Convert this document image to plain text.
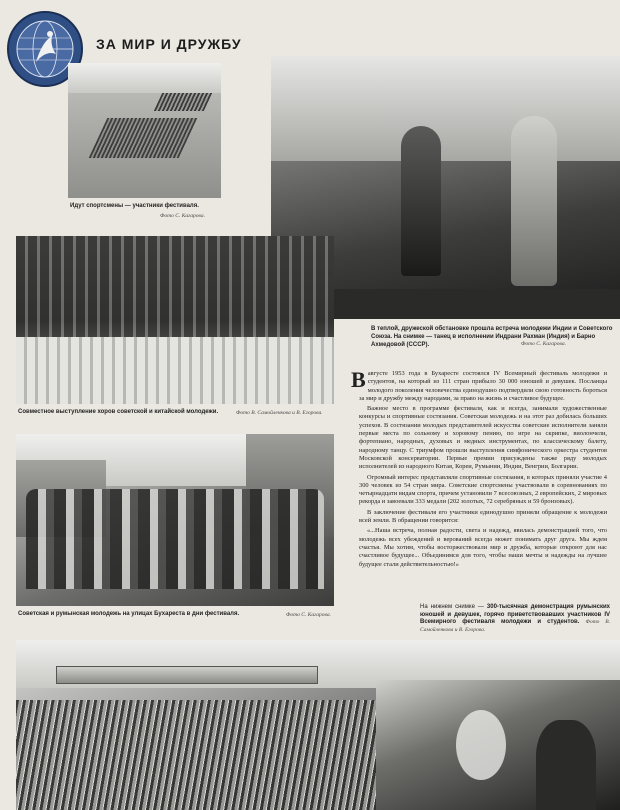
ЗА МИР И ДРУЖБУ
Идут спортсмены — участники фестиваля.
Фото С. Кагарова.
В теплой, дружеской обстановке прошла встреча молодежи Индии и Советского Союза. На снимке — танец в исполнении Индрани Рахман (Индия) и Барно Ахмедовой (СССР).	Фото С. Кагарова.
Совместное выступление хоров советской и китайской молодежи.	Фото В. Самойленкова и В. Егорова.
Советская и румынская молодежь на улицах Бухареста в дни фестиваля.	Фото С. Кагарова.

Вавгусте 1953 года в Бухаресте состоялся IV Всемирный фестиваль молодежи и студентов, на который из 111 стран прибыло 30 000 юношей и девушек. Посланцы молодого поколения человечества единодушно подтвердили свою готовность бороться за мир и дружбу между народами, за право на жизнь и счастливое будущее.

Важное место в программе фестиваля, как и всегда, занимали художественные конкурсы и спортивные состязания. Советская молодежь и на этот раз добилась больших успехов. В состязании молодых представителей искусства советские исполнители заняли первые места по сольному и хоровому пению, по игре на скрипке, виолончели, фортепиано, народных, духовых и медных инструментах, по классическому балету, народному танцу. С триумфом прошли выступления симфонического оркестра студентов Московской консерватории. Первые премии присуждены также ряду молодых исполнителей из народного Китая, Кореи, Румынии, Индии, Венгрии, Болгарии.

Огромный интерес представляли спортивные состязания, в которых приняли участие 4 300 человек из 54 стран мира. Советские спортсмены участвовали в соревнованиях по четырнадцати видам спорта, причем установили 7 всесоюзных, 2 европейских, 2 мировых рекорда и завоевали 333 медали (202 золотых, 72 серебряных и 59 бронзовых).

В заключение фестиваля его участники единодушно приняли обращение к молодежи всей земли. В обращении говорится:

«...Наша встреча, полная радости, света и надежд, явилась демонстрацией того, что молодежь всех убеждений и верований всегда может понимать друг друга. Мы ждем счастья. Мы хотим, чтобы восторжествовали мир и дружба, которые откроют для нас счастливое будущее... Объединимся для того, чтобы наши мечты и надежды на лучшее будущее стали действительностью!»

На нижнем снимке — 300-тысячная демонстрация румынских юношей и девушек, горячо приветствовавших участников IV Всемирного фестиваля молодежи и студентов. Фото В. Самойленкова и В. Егорова.
